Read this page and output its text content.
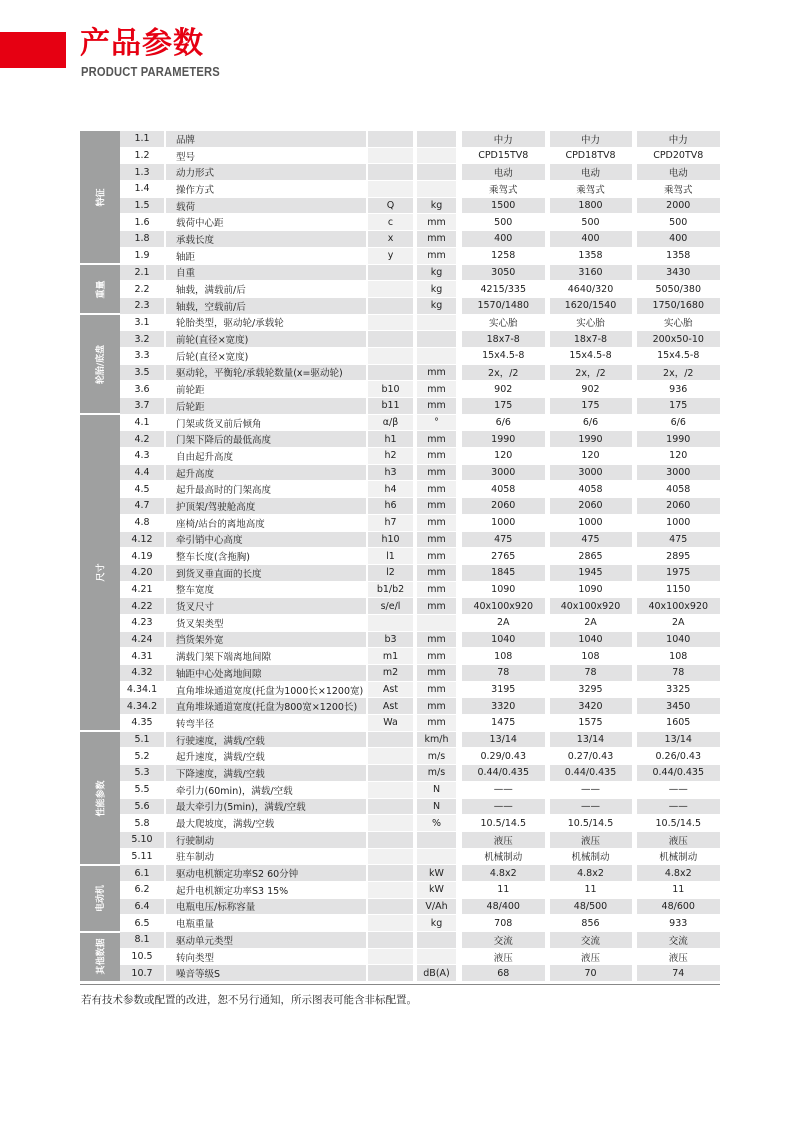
产品参数
PRODUCT PARAMETERS
特征	1.1	品牌			中力	中力	中力
	1.2	型号			CPD15TV8	CPD18TV8	CPD20TV8
	1.3	动力形式			电动	电动	电动
	1.4	操作方式			乘驾式	乘驾式	乘驾式
	1.5	载荷	Q	kg	1500	1800	2000
	1.6	载荷中心距	c	mm	500	500	500
	1.8	承载长度	x	mm	400	400	400
	1.9	轴距	y	mm	1258	1358	1358
重量	2.1	自重		kg	3050	3160	3430
	2.2	轴载，满载前/后		kg	4215/335	4640/320	5050/380
	2.3	轴载，空载前/后		kg	1570/1480	1620/1540	1750/1680
轮胎/底盘	3.1	轮胎类型，驱动轮/承载轮			实心胎	实心胎	实心胎
	3.2	前轮(直径×宽度)			18x7-8	18x7-8	200x50-10
	3.3	后轮(直径×宽度)			15x4.5-8	15x4.5-8	15x4.5-8
	3.5	驱动轮，平衡轮/承载轮数量(x=驱动轮)		mm	2x，/2	2x，/2	2x，/2
	3.6	前轮距	b10	mm	902	902	936
	3.7	后轮距	b11	mm	175	175	175
尺寸	4.1	门架或货叉前后倾角	α/β	°	6/6	6/6	6/6
	4.2	门架下降后的最低高度	h1	mm	1990	1990	1990
	4.3	自由起升高度	h2	mm	120	120	120
	4.4	起升高度	h3	mm	3000	3000	3000
	4.5	起升最高时的门架高度	h4	mm	4058	4058	4058
	4.7	护顶架/驾驶舱高度	h6	mm	2060	2060	2060
	4.8	座椅/站台的离地高度	h7	mm	1000	1000	1000
	4.12	牵引销中心高度	h10	mm	475	475	475
	4.19	整车长度(含拖胸)	l1	mm	2765	2865	2895
	4.20	到货叉垂直面的长度	l2	mm	1845	1945	1975
	4.21	整车宽度	b1/b2	mm	1090	1090	1150
	4.22	货叉尺寸	s/e/l	mm	40x100x920	40x100x920	40x100x920
	4.23	货叉架类型			2A	2A	2A
	4.24	挡货架外宽	b3	mm	1040	1040	1040
	4.31	满载门架下端离地间隙	m1	mm	108	108	108
	4.32	轴距中心处离地间隙	m2	mm	78	78	78
	4.34.1	直角堆垛通道宽度(托盘为1000长×1200宽)	Ast	mm	3195	3295	3325
	4.34.2	直角堆垛通道宽度(托盘为800宽×1200长)	Ast	mm	3320	3420	3450
	4.35	转弯半径	Wa	mm	1475	1575	1605
性能参数	5.1	行驶速度，满载/空载		km/h	13/14	13/14	13/14
	5.2	起升速度，满载/空载		m/s	0.29/0.43	0.27/0.43	0.26/0.43
	5.3	下降速度，满载/空载		m/s	0.44/0.435	0.44/0.435	0.44/0.435
	5.5	牵引力(60min)，满载/空载		N	——	——	——
	5.6	最大牵引力(5min)，满载/空载		N	——	——	——
	5.8	最大爬坡度，满载/空载		%	10.5/14.5	10.5/14.5	10.5/14.5
	5.10	行驶制动			液压	液压	液压
	5.11	驻车制动			机械制动	机械制动	机械制动
电动机	6.1	驱动电机额定功率S2 60分钟		kW	4.8x2	4.8x2	4.8x2
	6.2	起升电机额定功率S3 15%		kW	11	11	11
	6.4	电瓶电压/标称容量		V/Ah	48/400	48/500	48/600
	6.5	电瓶重量		kg	708	856	933
其他数据	8.1	驱动单元类型			交流	交流	交流
	10.5	转向类型			液压	液压	液压
	10.7	噪音等级S		dB(A)	68	70	74
若有技术参数或配置的改进，恕不另行通知，所示图表可能含非标配置。
